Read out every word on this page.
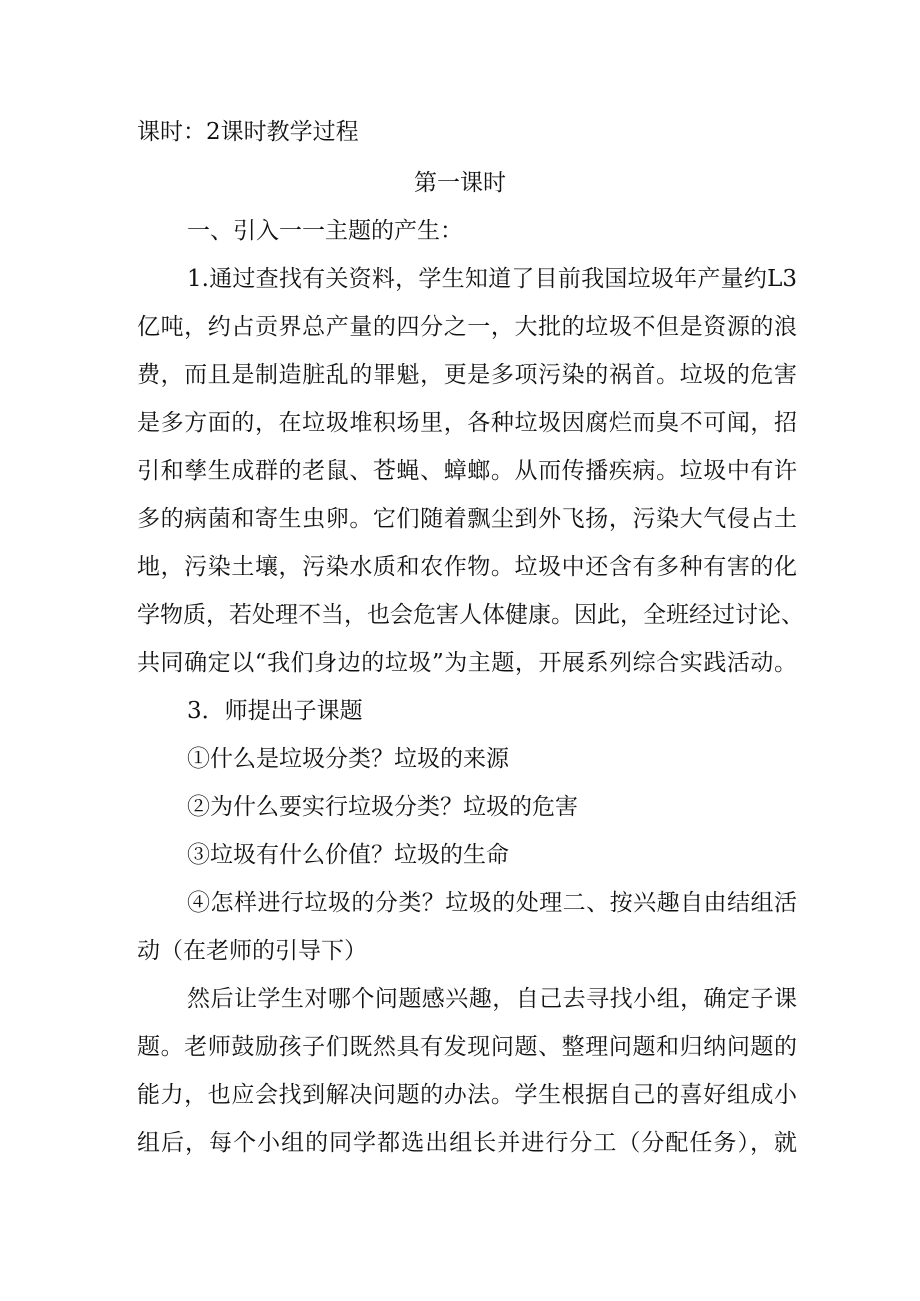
课时：2课时教学过程
第一课时
一、引入一一主题的产生：
1.通过查找有关资料，学生知道了目前我国垃圾年产量约L3
亿吨，约占贡界总产量的四分之一，大批的垃圾不但是资源的浪
费，而且是制造脏乱的罪魁，更是多项污染的祸首。垃圾的危害
是多方面的，在垃圾堆积场里，各种垃圾因腐烂而臭不可闻，招
引和孳生成群的老鼠、苍蝇、蟑螂。从而传播疾病。垃圾中有许
多的病菌和寄生虫卵。它们随着飘尘到外飞扬，污染大气侵占土
地，污染土壤，污染水质和农作物。垃圾中还含有多种有害的化
学物质，若处理不当，也会危害人体健康。因此，全班经过讨论、
共同确定以“我们身边的垃圾”为主题，开展系列综合实践活动。
3．师提出子课题
①什么是垃圾分类？垃圾的来源
②为什么要实行垃圾分类？垃圾的危害
③垃圾有什么价值？垃圾的生命
④怎样进行垃圾的分类？垃圾的处理二、按兴趣自由结组活
动（在老师的引导下）
然后让学生对哪个问题感兴趣，自己去寻找小组，确定子课
题。老师鼓励孩子们既然具有发现问题、整理问题和归纳问题的
能力，也应会找到解决问题的办法。学生根据自己的喜好组成小
组后，每个小组的同学都选出组长并进行分工（分配任务），就
